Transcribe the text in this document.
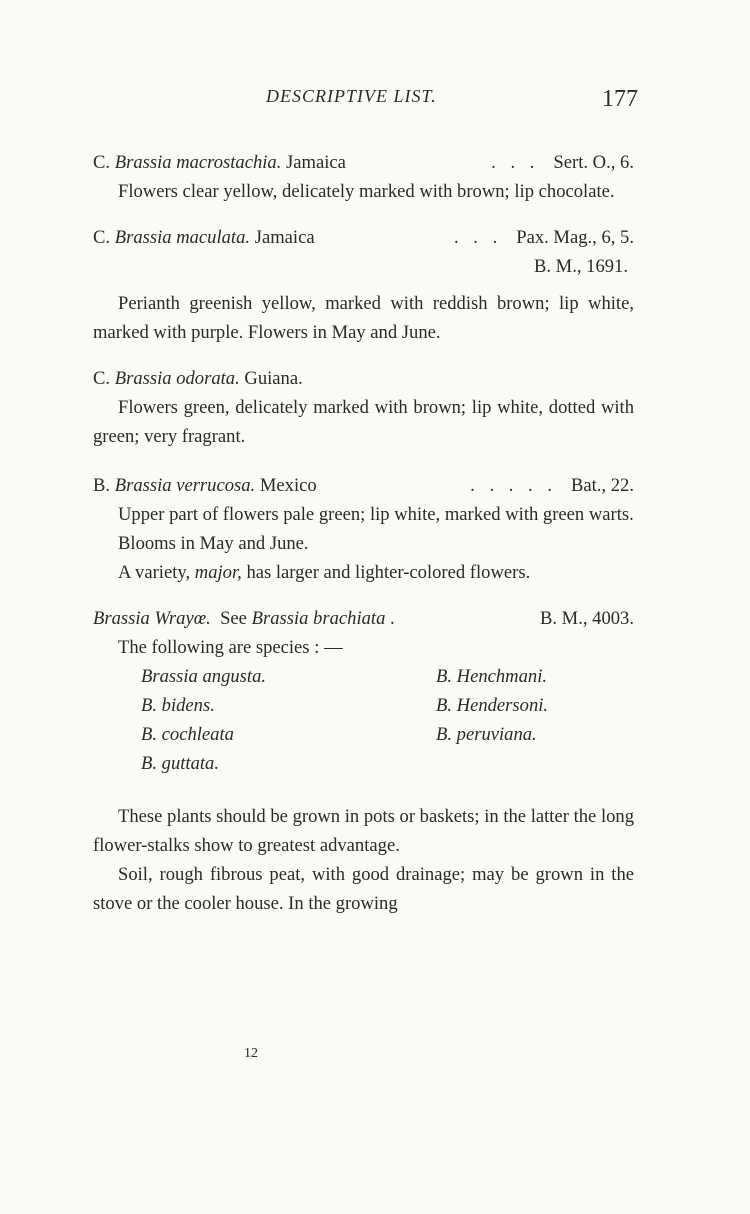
DESCRIPTIVE LIST.	177
C. Brassia macrostachia. Jamaica	. . . Sert. O., 6.
Flowers clear yellow, delicately marked with brown; lip chocolate.
C. Brassia maculata. Jamaica	. . . Pax. Mag., 6, 5.
B. M., 1691.
Perianth greenish yellow, marked with reddish brown; lip white, marked with purple. Flowers in May and June.
C. Brassia odorata. Guiana.
Flowers green, delicately marked with brown; lip white, dotted with green; very fragrant.
B. Brassia verrucosa. Mexico	. . . . . Bat., 22.
Upper part of flowers pale green; lip white, marked with green warts.
Blooms in May and June.
A variety, major, has larger and lighter-colored flowers.
Brassia Wrayœ. See Brassia brachiata .	B. M., 4003.
The following are species : —
Brassia angusta.	B. Henchmani.
B. bidens.	B. Hendersoni.
B. cochleata	B. peruviana.
B. guttata.
These plants should be grown in pots or baskets; in the latter the long flower-stalks show to greatest advantage.
Soil, rough fibrous peat, with good drainage; may be grown in the stove or the cooler house. In the growing
12
